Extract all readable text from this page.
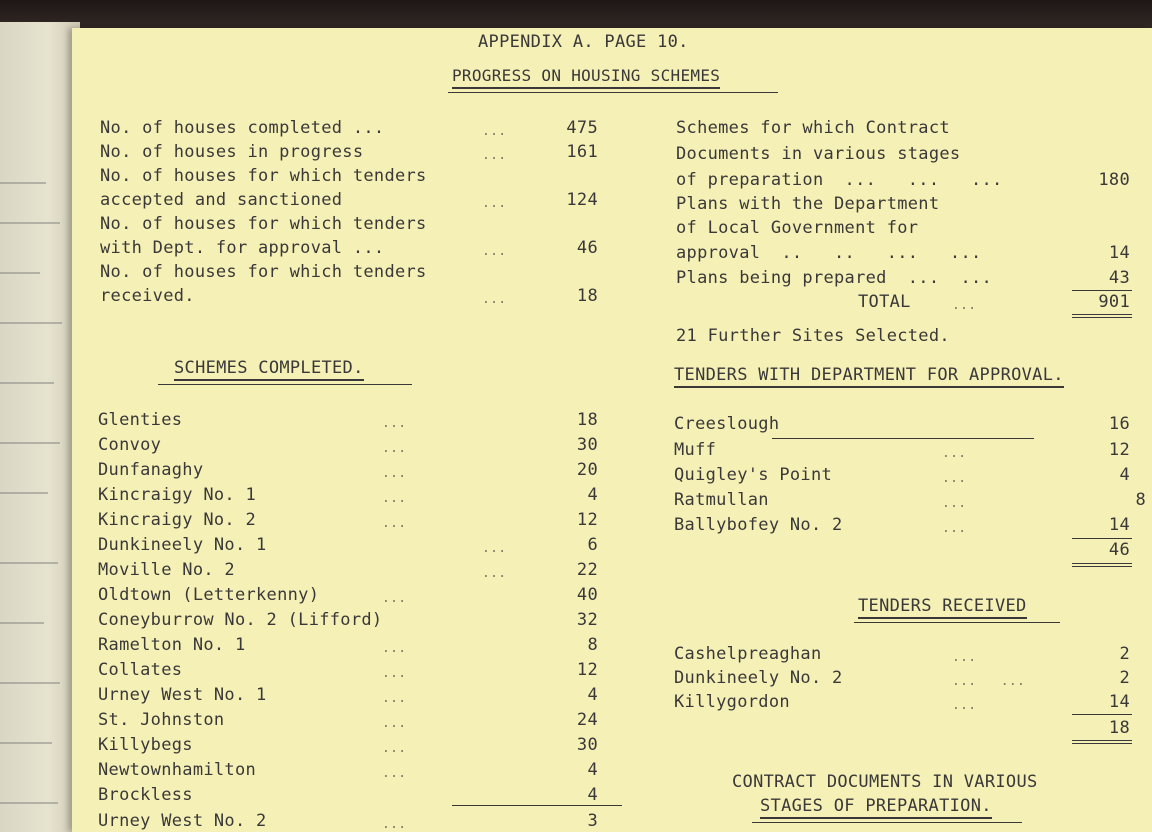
APPENDIX A. PAGE 10.
PROGRESS ON HOUSING SCHEMES
No. of houses completed ...	...	475
No. of houses in progress	...	161
No. of houses for which tenders
accepted and sanctioned	...	124
No. of houses for which tenders
with Dept. for approval ...	...	46
No. of houses for which tenders
received.	...	18
SCHEMES COMPLETED.
Glenties	...	18
Convoy	...	30
Dunfanaghy	...	20
Kincraigy No. 1	...	4
Kincraigy No. 2	...	12
Dunkineely No. 1	...	6
Moville No. 2	...	22
Oldtown (Letterkenny)	...	40
Coneyburrow No. 2 (Lifford)	32
Ramelton No. 1	...	8
Collates	...	12
Urney West No. 1	...	4
St. Johnston	...	24
Killybegs	...	30
Newtownhamilton	...	4
Brockless	4
Urney West No. 2	...	3
Schemes for which Contract
Documents in various stages
of preparation  ...   ...   ...	180
Plans with the Department
of Local Government for
approval  ..   ..   ...   ...	14
Plans being prepared  ...  ...	43
TOTAL	...	901
21 Further Sites Selected.
TENDERS WITH DEPARTMENT FOR APPROVAL.
Creeslough	16
Muff	...	12
Quigley's Point	...	4
Ratmullan	...	8
Ballybofey No. 2	...	14
46
TENDERS RECEIVED
Cashelpreaghan	...	2
Dunkineely No. 2	...   ...	2
Killygordon	...	14
18
CONTRACT DOCUMENTS IN VARIOUS
STAGES OF PREPARATION.
